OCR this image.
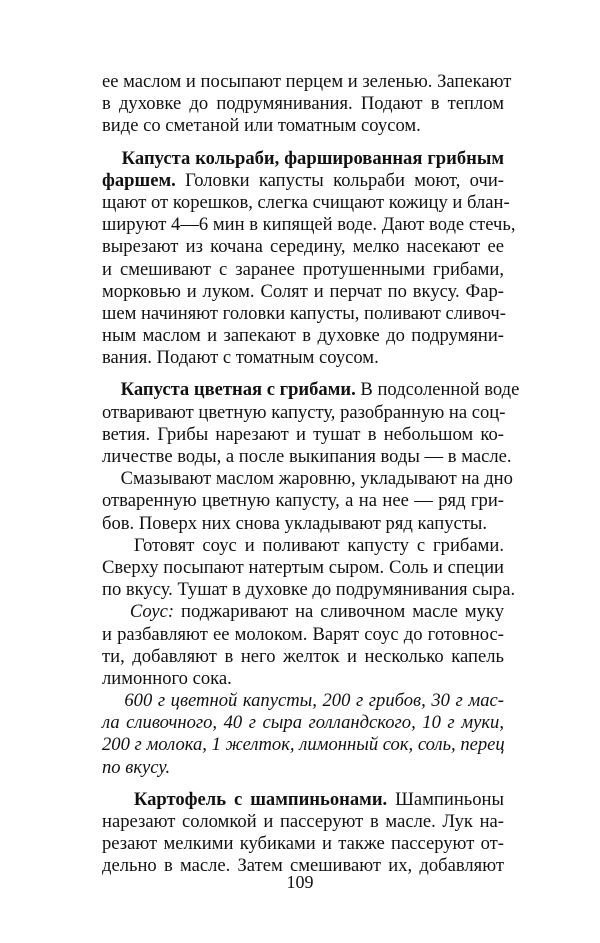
ее маслом и посыпают перцем и зеленью. Запекают
в духовке до подрумянивания. Подают в теплом
виде со сметаной или томатным соусом.
Капуста кольраби, фаршированная грибным
фаршем. Головки капусты кольраби моют, очи-
щают от корешков, слегка счищают кожицу и блан-
шируют 4—6 мин в кипящей воде. Дают воде стечь,
вырезают из кочана середину, мелко насекают ее
и смешивают с заранее протушенными грибами,
морковью и луком. Солят и перчат по вкусу. Фар-
шем начиняют головки капусты, поливают сливоч-
ным маслом и запекают в духовке до подрумяни-
вания. Подают с томатным соусом.
Капуста цветная с грибами. В подсоленной воде
отваривают цветную капусту, разобранную на соц-
ветия. Грибы нарезают и тушат в небольшом ко-
личестве воды, а после выкипания воды — в масле.
Смазывают маслом жаровню, укладывают на дно
отваренную цветную капусту, а на нее — ряд гри-
бов. Поверх них снова укладывают ряд капусты.
Готовят соус и поливают капусту с грибами.
Сверху посыпают натертым сыром. Соль и специи
по вкусу. Тушат в духовке до подрумянивания сыра.
Соус: поджаривают на сливочном масле муку
и разбавляют ее молоком. Варят соус до готовнос-
ти, добавляют в него желток и несколько капель
лимонного сока.
600 г цветной капусты, 200 г грибов, 30 г мас-
ла сливочного, 40 г сыра голландского, 10 г муки,
200 г молока, 1 желток, лимонный сок, соль, перец
по вкусу.
Картофель с шампиньонами. Шампиньоны
нарезают соломкой и пассеруют в масле. Лук на-
резают мелкими кубиками и также пассеруют от-
дельно в масле. Затем смешивают их, добавляют
109
